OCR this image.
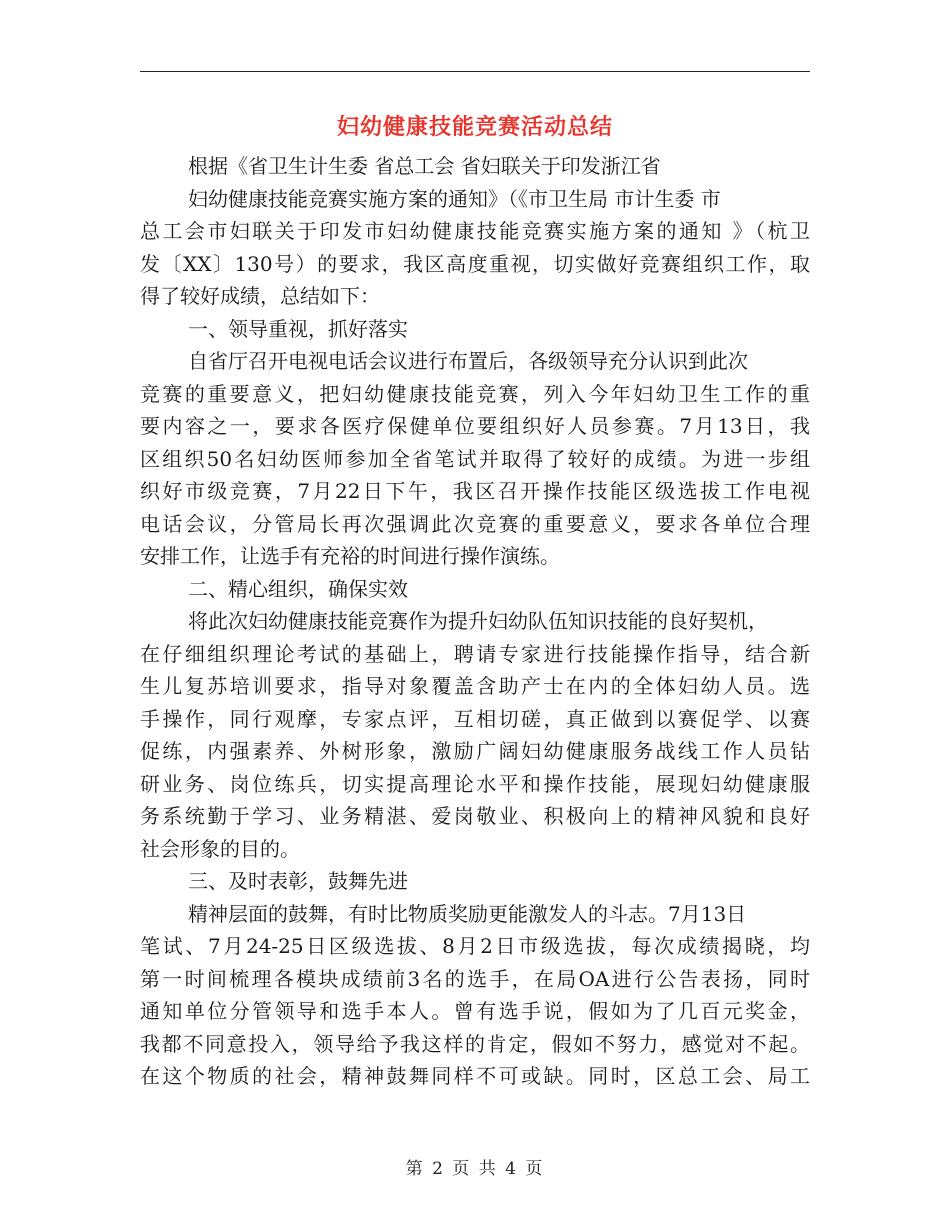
妇幼健康技能竞赛活动总结
根据《省卫生计生委 省总工会 省妇联关于印发浙江省
妇幼健康技能竞赛实施方案的通知》（《市卫生局 市计生委 市
总工会市妇联关于印发市妇幼健康技能竞赛实施方案的通知 》（杭卫
发〔XX〕130号）的要求，我区高度重视，切实做好竞赛组织工作，取
得了较好成绩，总结如下：
一、领导重视，抓好落实
自省厅召开电视电话会议进行布置后，各级领导充分认识到此次
竞赛的重要意义，把妇幼健康技能竞赛，列入今年妇幼卫生工作的重
要内容之一，要求各医疗保健单位要组织好人员参赛。7月13日，我
区组织50名妇幼医师参加全省笔试并取得了较好的成绩。为进一步组
织好市级竞赛，7月22日下午，我区召开操作技能区级选拔工作电视
电话会议，分管局长再次强调此次竞赛的重要意义，要求各单位合理
安排工作，让选手有充裕的时间进行操作演练。
二、精心组织，确保实效
将此次妇幼健康技能竞赛作为提升妇幼队伍知识技能的良好契机，
在仔细组织理论考试的基础上，聘请专家进行技能操作指导，结合新
生儿复苏培训要求，指导对象覆盖含助产士在内的全体妇幼人员。选
手操作，同行观摩，专家点评，互相切磋，真正做到以赛促学、以赛
促练，内强素养、外树形象，激励广阔妇幼健康服务战线工作人员钻
研业务、岗位练兵，切实提高理论水平和操作技能，展现妇幼健康服
务系统勤于学习、业务精湛、爱岗敬业、积极向上的精神风貌和良好
社会形象的目的。
三、及时表彰，鼓舞先进
精神层面的鼓舞，有时比物质奖励更能激发人的斗志。7月13日
笔试、7月24-25日区级选拔、8月2日市级选拔，每次成绩揭晓，均
第一时间梳理各模块成绩前3名的选手，在局OA进行公告表扬，同时
通知单位分管领导和选手本人。曾有选手说，假如为了几百元奖金，
我都不同意投入，领导给予我这样的肯定，假如不努力，感觉对不起。
在这个物质的社会，精神鼓舞同样不可或缺。同时，区总工会、局工
第 2 页 共 4 页
